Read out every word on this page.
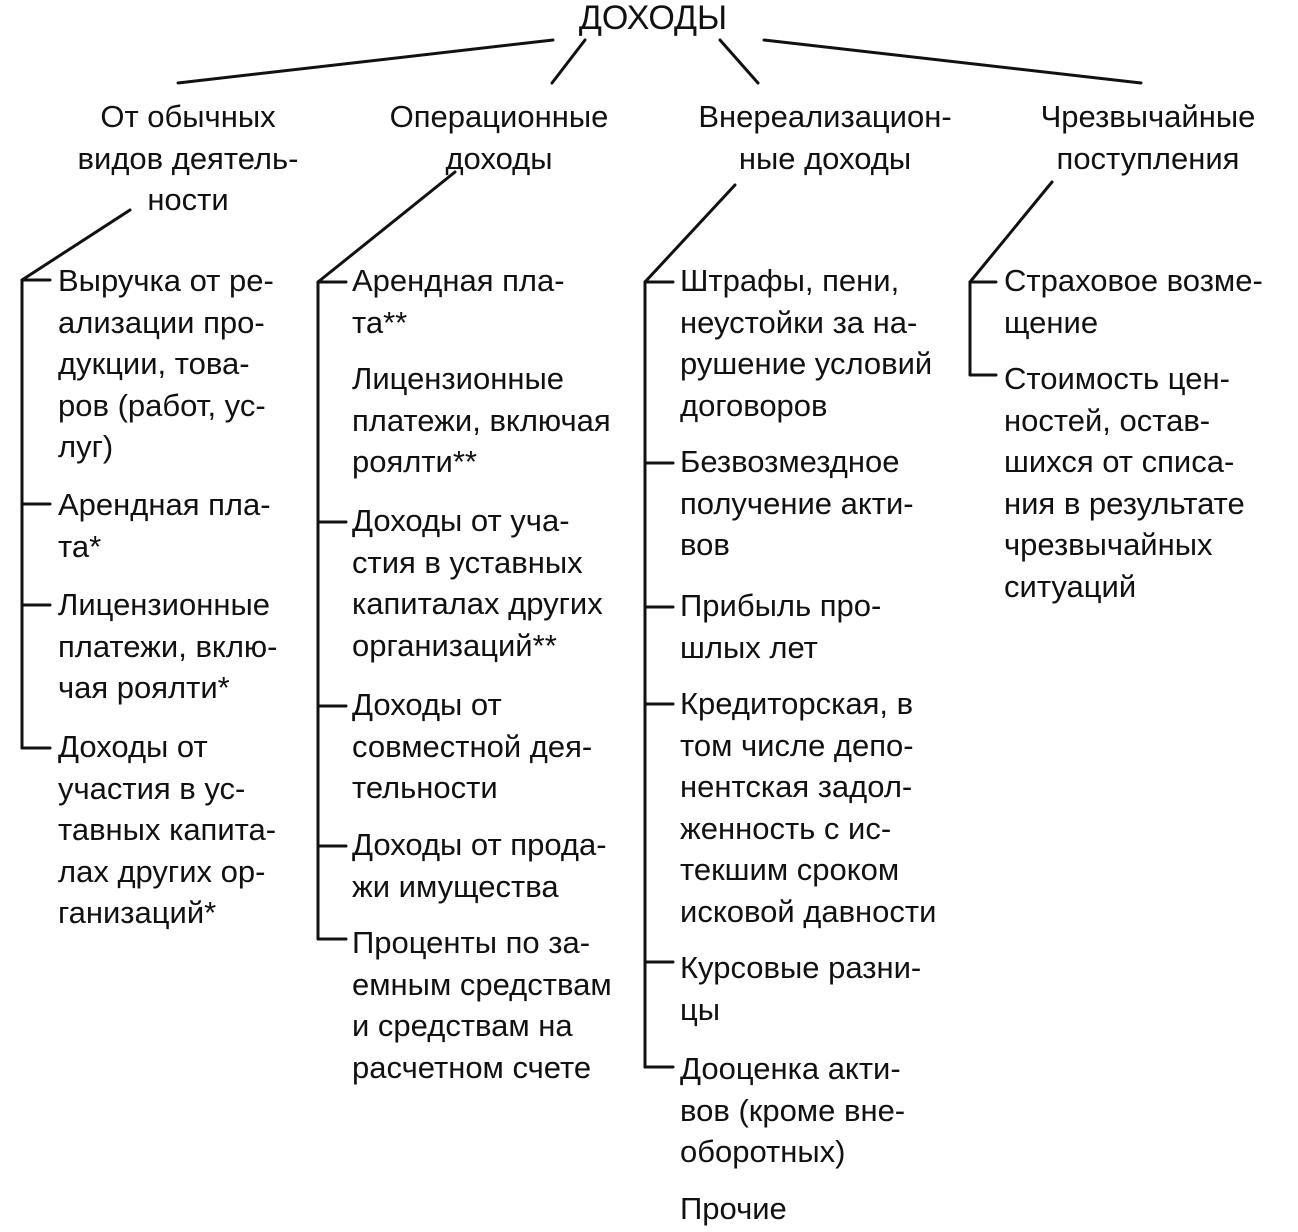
ДОХОДЫ

От обычных
видов деятель-
ности

Операционные
доходы

Внереализацион-
ные доходы

Чрезвычайные
поступления

Выручка от ре-
ализации про-
дукции, това-
ров (работ, ус-
луг)

Арендная пла-
та*

Лицензионные
платежи, вклю-
чая роялти*

Доходы от
участия в ус-
тавных капита-
лах других ор-
ганизаций*

Арендная пла-
та**

Лицензионные
платежи, включая
роялти**

Доходы от уча-
стия в уставных
капиталах других
организаций**

Доходы от
совместной дея-
тельности

Доходы от прода-
жи имущества

Проценты по за-
емным средствам
и средствам на
расчетном счете

Штрафы, пени,
неустойки за на-
рушение условий
договоров

Безвозмездное
получение акти-
вов

Прибыль про-
шлых лет

Кредиторская, в
том числе депо-
нентская задол-
женность с ис-
текшим сроком
исковой давности

Курсовые разни-
цы

Дооценка акти-
вов (кроме вне-
оборотных)

Прочие

Страховое возме-
щение

Стоимость цен-
ностей, остав-
шихся от списа-
ния в результате
чрезвычайных
ситуаций
